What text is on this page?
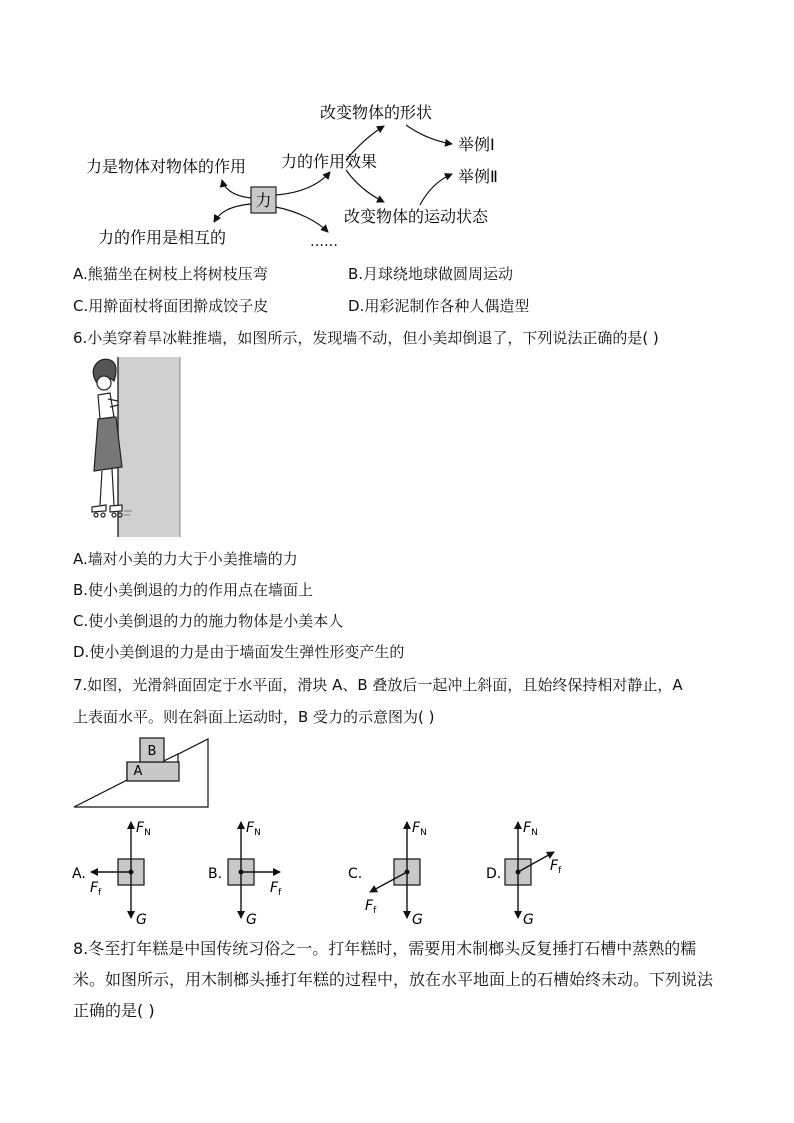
力
力是物体对物体的作用
力的作用是相互的
力的作用效果
改变物体的形状
改变物体的运动状态
举例Ⅰ
举例Ⅱ
……
A.熊猫坐在树枝上将树枝压弯	B.月球绕地球做圆周运动
C.用擀面杖将面团擀成饺子皮	D.用彩泥制作各种人偶造型
6.小美穿着旱冰鞋推墙，如图所示，发现墙不动，但小美却倒退了，下列说法正确的是( )
A.墙对小美的力大于小美推墙的力
B.使小美倒退的力的作用点在墙面上
C.使小美倒退的力的施力物体是小美本人
D.使小美倒退的力是由于墙面发生弹性形变产生的
7.如图，光滑斜面固定于水平面，滑块 A、B 叠放后一起冲上斜面，且始终保持相对静止，A
上表面水平。则在斜面上运动时，B 受力的示意图为( )
B
A
A.
$F_N$
$F_f$
G
B.
$F_N$
$F_f$
G
C.
$F_N$
$F_f$
G
D.
$F_N$
$F_f$
G
8.冬至打年糕是中国传统习俗之一。打年糕时，需要用木制榔头反复捶打石槽中蒸熟的糯
米。如图所示，用木制榔头捶打年糕的过程中，放在水平地面上的石槽始终未动。下列说法
正确的是( )
